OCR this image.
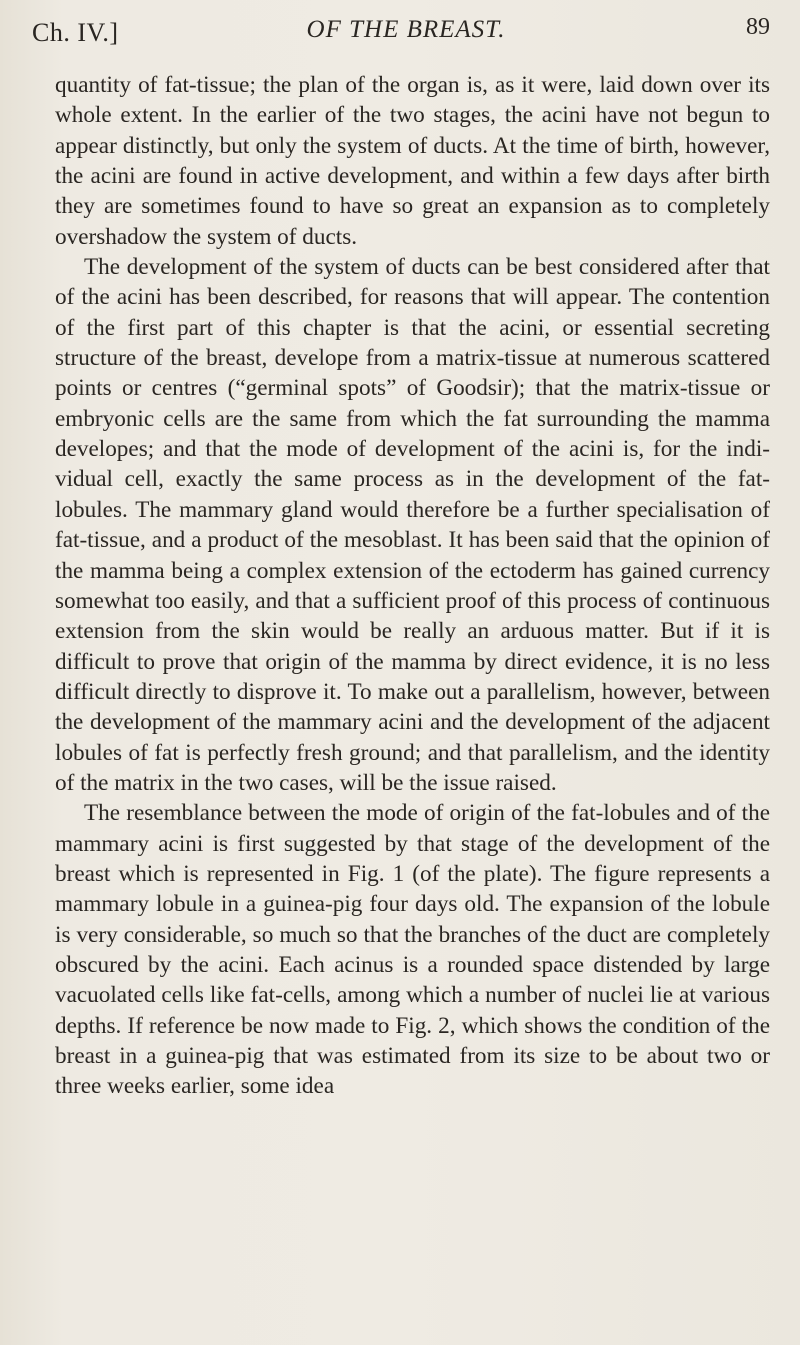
Ch. IV.]	OF THE BREAST.	89

quantity of fat-tissue; the plan of the organ is, as it were, laid down over its whole extent. In the earlier of the two stages, the acini have not begun to appear distinctly, but only the system of ducts. At the time of birth, however, the acini are found in active development, and within a few days after birth they are sometimes found to have so great an expansion as to completely overshadow the system of ducts.

The development of the system of ducts can be best considered after that of the acini has been described, for reasons that will appear. The contention of the first part of this chapter is that the acini, or essential secreting structure of the breast, develope from a matrix-tissue at numerous scattered points or centres (“germinal spots” of Goodsir); that the matrix-tissue or embryonic cells are the same from which the fat surrounding the mamma developes; and that the mode of development of the acini is, for the individual cell, exactly the same process as in the development of the fat-lobules. The mammary gland would therefore be a further specialisation of fat-tissue, and a product of the mesoblast. It has been said that the opinion of the mamma being a complex extension of the ectoderm has gained currency somewhat too easily, and that a sufficient proof of this process of continuous extension from the skin would be really an arduous matter. But if it is difficult to prove that origin of the mamma by direct evidence, it is no less difficult directly to disprove it. To make out a parallelism, however, between the development of the mammary acini and the development of the adjacent lobules of fat is perfectly fresh ground; and that parallelism, and the identity of the matrix in the two cases, will be the issue raised.

The resemblance between the mode of origin of the fat-lobules and of the mammary acini is first suggested by that stage of the development of the breast which is represented in Fig. 1 (of the plate). The figure represents a mammary lobule in a guinea-pig four days old. The expansion of the lobule is very considerable, so much so that the branches of the duct are completely obscured by the acini. Each acinus is a rounded space distended by large vacuolated cells like fat-cells, among which a number of nuclei lie at various depths. If reference be now made to Fig. 2, which shows the condition of the breast in a guinea-pig that was estimated from its size to be about two or three weeks earlier, some idea
